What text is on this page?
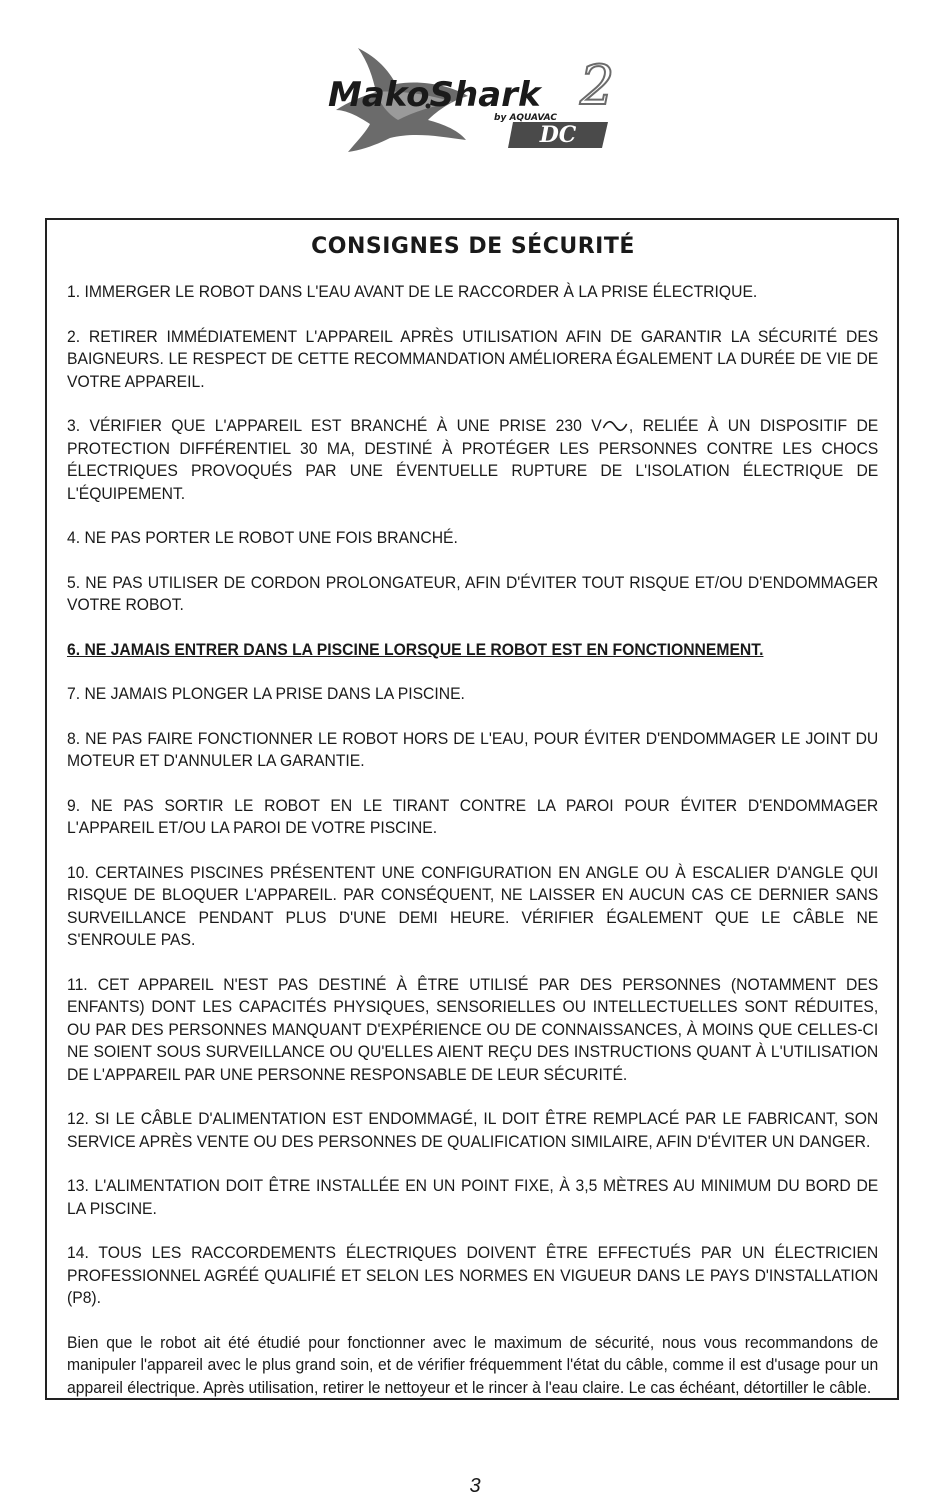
DC
MakoShark 2
by AQUAVAC
CONSIGNES DE SÉCURITÉ

1. IMMERGER LE ROBOT DANS L'EAU AVANT DE LE RACCORDER À LA PRISE ÉLECTRIQUE.

2. RETIRER IMMÉDIATEMENT L'APPAREIL APRÈS UTILISATION AFIN DE GARANTIR LA SÉCURITÉ DES BAIGNEURS. LE RESPECT DE CETTE RECOMMANDATION AMÉLIORERA ÉGALEMENT LA DURÉE DE VIE DE VOTRE APPAREIL.

3. VÉRIFIER QUE L'APPAREIL EST BRANCHÉ À UNE PRISE 230 V , RELIÉE À UN DISPOSITIF DE PROTECTION DIFFÉRENTIEL 30 MA, DESTINÉ À PROTÉGER LES PERSONNES CONTRE LES CHOCS ÉLECTRIQUES PROVOQUÉS PAR UNE ÉVENTUELLE RUPTURE DE L'ISOLATION ÉLECTRIQUE DE L'ÉQUIPEMENT.

4. NE PAS PORTER LE ROBOT UNE FOIS BRANCHÉ.

5. NE PAS UTILISER DE CORDON PROLONGATEUR, AFIN D'ÉVITER TOUT RISQUE ET/OU D'ENDOMMAGER VOTRE ROBOT.

6. NE JAMAIS ENTRER DANS LA PISCINE LORSQUE LE ROBOT EST EN FONCTIONNEMENT.

7. NE JAMAIS PLONGER LA PRISE DANS LA PISCINE.

8. NE PAS FAIRE FONCTIONNER LE ROBOT HORS DE L'EAU, POUR ÉVITER D'ENDOMMAGER LE JOINT DU MOTEUR ET D'ANNULER LA GARANTIE.

9. NE PAS SORTIR LE ROBOT EN LE TIRANT CONTRE LA PAROI POUR ÉVITER D'ENDOMMAGER L'APPAREIL ET/OU LA PAROI DE VOTRE PISCINE.

10. CERTAINES PISCINES PRÉSENTENT UNE CONFIGURATION EN ANGLE OU À ESCALIER D'ANGLE QUI RISQUE DE BLOQUER L'APPAREIL. PAR CONSÉQUENT, NE LAISSER EN AUCUN CAS CE DERNIER SANS SURVEILLANCE PENDANT PLUS D'UNE DEMI HEURE. VÉRIFIER ÉGALEMENT QUE LE CÂBLE NE S'ENROULE PAS.

11. CET APPAREIL N'EST PAS DESTINÉ À ÊTRE UTILISÉ PAR DES PERSONNES (NOTAMMENT DES ENFANTS) DONT LES CAPACITÉS PHYSIQUES, SENSORIELLES OU INTELLECTUELLES SONT RÉDUITES, OU PAR DES PERSONNES MANQUANT D'EXPÉRIENCE OU DE CONNAISSANCES, À MOINS QUE CELLES-CI NE SOIENT SOUS SURVEILLANCE OU QU'ELLES AIENT REÇU DES INSTRUCTIONS QUANT À L'UTILISATION DE L'APPAREIL PAR UNE PERSONNE RESPONSABLE DE LEUR SÉCURITÉ.

12. SI LE CÂBLE D'ALIMENTATION EST ENDOMMAGÉ, IL DOIT ÊTRE REMPLACÉ PAR LE FABRICANT, SON SERVICE APRÈS VENTE OU DES PERSONNES DE QUALIFICATION SIMILAIRE, AFIN D'ÉVITER UN DANGER.

13. L'ALIMENTATION DOIT ÊTRE INSTALLÉE EN UN POINT FIXE, À 3,5 MÈTRES AU MINIMUM DU BORD DE LA PISCINE.

14. TOUS LES RACCORDEMENTS ÉLECTRIQUES DOIVENT ÊTRE EFFECTUÉS PAR UN ÉLECTRICIEN PROFESSIONNEL AGRÉÉ QUALIFIÉ ET SELON LES NORMES EN VIGUEUR DANS LE PAYS D'INSTALLATION (P8).

Bien que le robot ait été étudié pour fonctionner avec le maximum de sécurité, nous vous recommandons de manipuler l'appareil avec le plus grand soin, et de vérifier fréquemment l'état du câble, comme il est d'usage pour un appareil électrique. Après utilisation, retirer le nettoyeur et le rincer à l'eau claire. Le cas échéant, détortiller le câble.

3
